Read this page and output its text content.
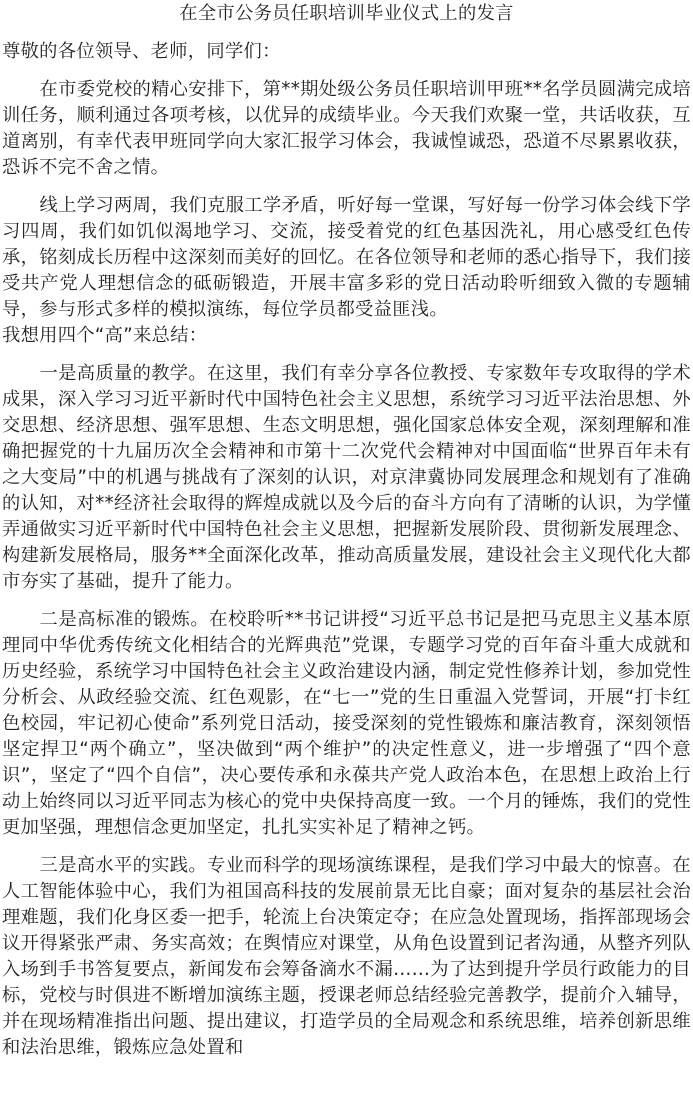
在全市公务员任职培训毕业仪式上的发言

尊敬的各位领导、老师，同学们：

在市委党校的精心安排下，第**期处级公务员任职培训甲班**名学员圆满完成培训任务，顺利通过各项考核，以优异的成绩毕业。今天我们欢聚一堂，共话收获，互道离别，有幸代表甲班同学向大家汇报学习体会，我诚惶诚恐，恐道不尽累累收获，恐诉不完不舍之情。

线上学习两周，我们克服工学矛盾，听好每一堂课，写好每一份学习体会线下学习四周，我们如饥似渴地学习、交流，接受着党的红色基因洗礼，用心感受红色传承，铭刻成长历程中这深刻而美好的回忆。在各位领导和老师的悉心指导下，我们接受共产党人理想信念的砥砺锻造，开展丰富多彩的党日活动聆听细致入微的专题辅导，参与形式多样的模拟演练，每位学员都受益匪浅。

我想用四个“高”来总结：

一是高质量的教学。在这里，我们有幸分享各位教授、专家数年专攻取得的学术成果，深入学习习近平新时代中国特色社会主义思想，系统学习习近平法治思想、外交思想、经济思想、强军思想、生态文明思想，强化国家总体安全观，深刻理解和准确把握党的十九届历次全会精神和市第十二次党代会精神对中国面临“世界百年未有之大变局”中的机遇与挑战有了深刻的认识，对京津冀协同发展理念和规划有了准确的认知，对**经济社会取得的辉煌成就以及今后的奋斗方向有了清晰的认识，为学懂弄通做实习近平新时代中国特色社会主义思想，把握新发展阶段、贯彻新发展理念、构建新发展格局，服务**全面深化改革，推动高质量发展，建设社会主义现代化大都市夯实了基础，提升了能力。

二是高标准的锻炼。在校聆听**书记讲授“习近平总书记是把马克思主义基本原理同中华优秀传统文化相结合的光辉典范”党课，专题学习党的百年奋斗重大成就和历史经验，系统学习中国特色社会主义政治建设内涵，制定党性修养计划，参加党性分析会、从政经验交流、红色观影，在“七一”党的生日重温入党誓词，开展“打卡红色校园，牢记初心使命”系列党日活动，接受深刻的党性锻炼和廉洁教育，深刻领悟坚定捍卫“两个确立”，坚决做到“两个维护”的决定性意义，进一步增强了“四个意识”，坚定了“四个自信”，决心要传承和永葆共产党人政治本色，在思想上政治上行动上始终同以习近平同志为核心的党中央保持高度一致。一个月的锤炼，我们的党性更加坚强，理想信念更加坚定，扎扎实实补足了精神之钙。

三是高水平的实践。专业而科学的现场演练课程，是我们学习中最大的惊喜。在人工智能体验中心，我们为祖国高科技的发展前景无比自豪；面对复杂的基层社会治理难题，我们化身区委一把手，轮流上台决策定夺；在应急处置现场，指挥部现场会议开得紧张严肃、务实高效；在舆情应对课堂，从角色设置到记者沟通，从整齐列队入场到手书答复要点，新闻发布会筹备滴水不漏……为了达到提升学员行政能力的目标，党校与时俱进不断增加演练主题，授课老师总结经验完善教学，提前介入辅导，并在现场精准指出问题、提出建议，打造学员的全局观念和系统思维，培养创新思维和法治思维，锻炼应急处置和
